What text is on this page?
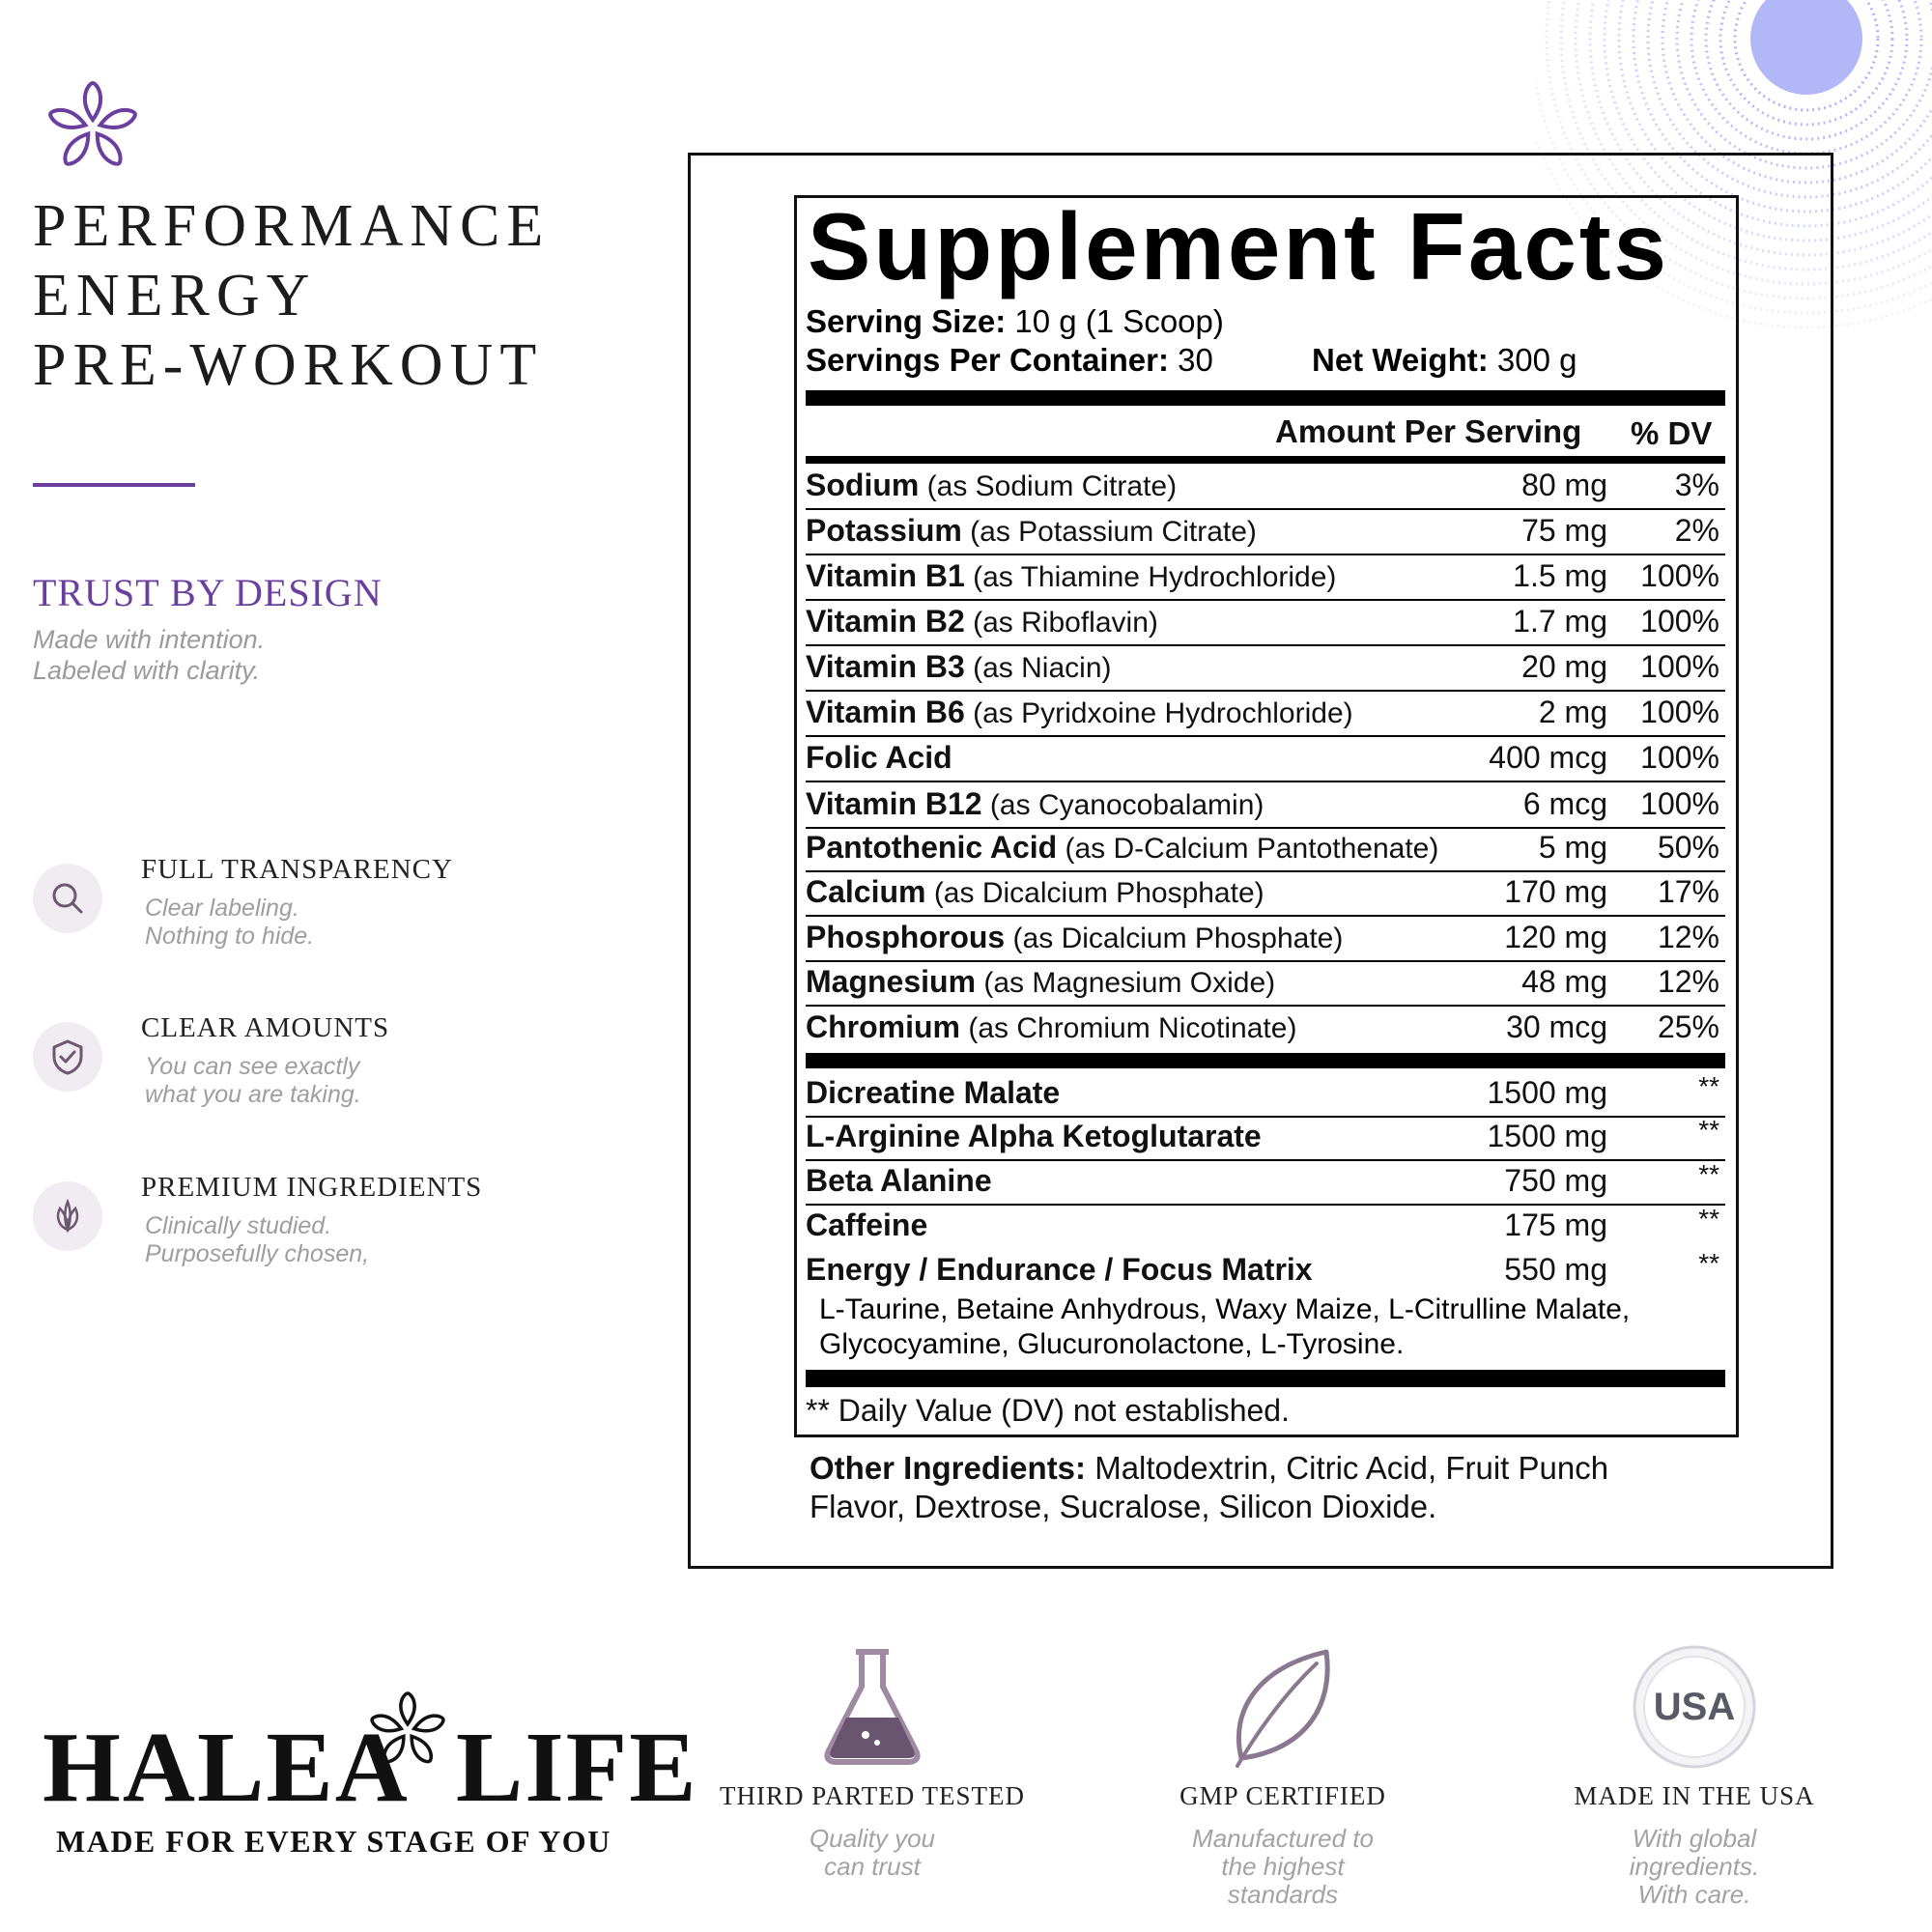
PERFORMANCE
ENERGY
PRE-WORKOUT
TRUST BY DESIGN
Made with intention.
Labeled with clarity.
FULL TRANSPARENCY
Clear labeling.
Nothing to hide.
CLEAR AMOUNTS
You can see exactly
what you are taking.
PREMIUM INGREDIENTS
Clinically studied.
Purposefully chosen,
Supplement Facts
Serving Size: 10 g (1 Scoop)
Servings Per Container: 30	Net Weight: 300 g
Amount Per Serving % DV
Sodium (as Sodium Citrate)	80 mg 3%
Potassium (as Potassium Citrate)	75 mg 2%
Vitamin B1 (as Thiamine Hydrochloride)	1.5 mg 100%
Vitamin B2 (as Riboflavin)	1.7 mg 100%
Vitamin B3 (as Niacin)	20 mg 100%
Vitamin B6 (as Pyridxoine Hydrochloride)	2 mg 100%
Folic Acid	400 mcg 100%
Vitamin B12 (as Cyanocobalamin)	6 mcg 100%
Pantothenic Acid (as D-Calcium Pantothenate)	5 mg 50%
Calcium (as Dicalcium Phosphate)	170 mg 17%
Phosphorous (as Dicalcium Phosphate)	120 mg 12%
Magnesium (as Magnesium Oxide)	48 mg 12%
Chromium (as Chromium Nicotinate)	30 mcg 25%
Dicreatine Malate	1500 mg	**
L-Arginine Alpha Ketoglutarate	1500 mg	**
Beta Alanine	750 mg	**
Caffeine	175 mg	**
Energy / Endurance / Focus Matrix	550 mg	**
L-Taurine, Betaine Anhydrous, Waxy Maize, L-Citrulline Malate,
Glycocyamine, Glucuronolactone, L-Tyrosine.
** Daily Value (DV) not established.
Other Ingredients: Maltodextrin, Citric Acid, Fruit Punch Flavor, Dextrose, Sucralose, Silicon Dioxide.
HALEA LIFE
MADE FOR EVERY STAGE OF YOU
THIRD PARTED TESTED
Quality you
can trust
GMP CERTIFIED
Manufactured to
the highest
standards
USA
MADE IN THE USA
With global
ingredients.
With care.
